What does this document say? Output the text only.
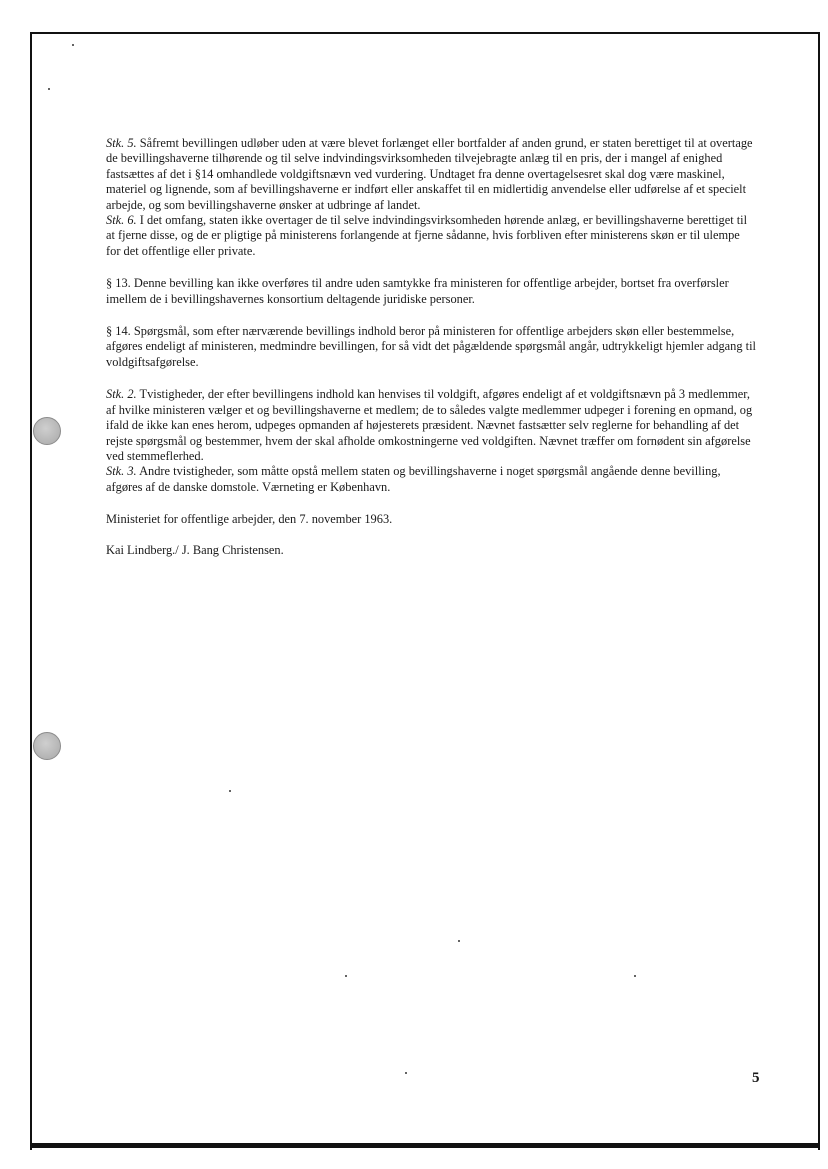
Stk. 5. Såfremt bevillingen udløber uden at være blevet forlænget eller bortfalder af anden grund, er staten berettiget til at overtage de bevillingshaverne tilhørende og til selve indvindingsvirksomheden tilvejebragte anlæg til en pris, der i mangel af enighed fastsættes af det i §14 omhandlede voldgiftsnævn ved vurdering. Undtaget fra denne overtagelsesret skal dog være maskinel, materiel og lignende, som af bevillingshaverne er indført eller anskaffet til en midlertidig anvendelse eller udførelse af et specielt arbejde, og som bevillingshaverne ønsker at udbringe af landet.

Stk. 6. I det omfang, staten ikke overtager de til selve indvindingsvirksomheden hørende anlæg, er bevillingshaverne berettiget til at fjerne disse, og de er pligtige på ministerens forlangende at fjerne sådanne, hvis forbliven efter ministerens skøn er til ulempe for det offentlige eller private.

§ 13. Denne bevilling kan ikke overføres til andre uden samtykke fra ministeren for offentlige arbejder, bortset fra overførsler imellem de i bevillingshavernes konsortium deltagende juridiske personer.

§ 14. Spørgsmål, som efter nærværende bevillings indhold beror på ministeren for offentlige arbejders skøn eller bestemmelse, afgøres endeligt af ministeren, medmindre bevillingen, for så vidt det pågældende spørgsmål angår, udtrykkeligt hjemler adgang til voldgiftsafgørelse.

Stk. 2. Tvistigheder, der efter bevillingens indhold kan henvises til voldgift, afgøres endeligt af et voldgiftsnævn på 3 medlemmer, af hvilke ministeren vælger et og bevillingshaverne et medlem; de to således valgte medlemmer udpeger i forening en opmand, og ifald de ikke kan enes herom, udpeges opmanden af højesterets præsident. Nævnet fastsætter selv reglerne for behandling af det rejste spørgsmål og bestemmer, hvem der skal afholde omkostningerne ved voldgiften. Nævnet træffer om fornødent sin afgørelse ved stemmeflerhed.

Stk. 3. Andre tvistigheder, som måtte opstå mellem staten og bevillingshaverne i noget spørgsmål angående denne bevilling, afgøres af de danske domstole. Værneting er København.

Ministeriet for offentlige arbejder, den 7. november 1963.

Kai Lindberg./ J. Bang Christensen.

5
